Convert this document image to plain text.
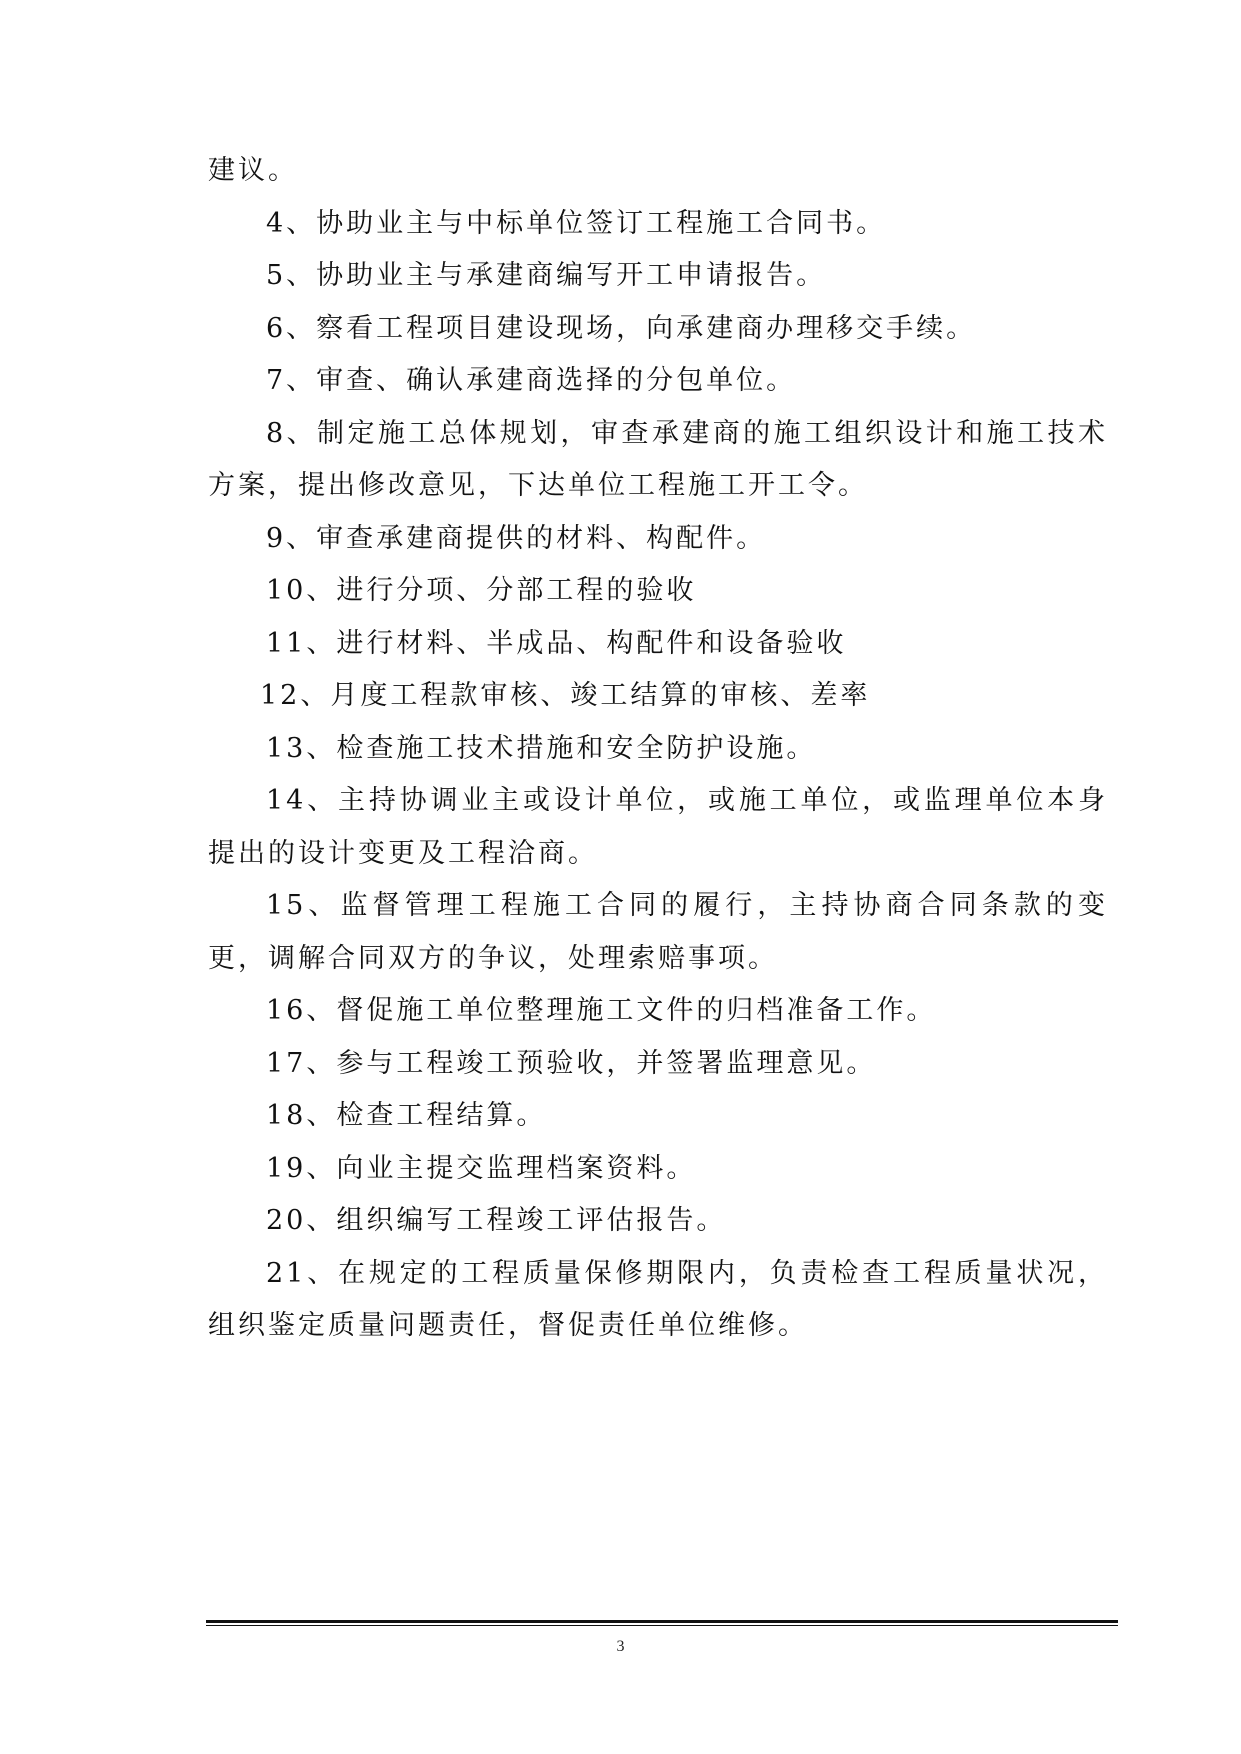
建议。

4、协助业主与中标单位签订工程施工合同书。

5、协助业主与承建商编写开工申请报告。

6、察看工程项目建设现场，向承建商办理移交手续。

7、审查、确认承建商选择的分包单位。

8、制定施工总体规划，审查承建商的施工组织设计和施工技术方案，提出修改意见，下达单位工程施工开工令。

9、审查承建商提供的材料、构配件。

10、进行分项、分部工程的验收

11、进行材料、半成品、构配件和设备验收

12、月度工程款审核、竣工结算的审核、差率

13、检查施工技术措施和安全防护设施。

14、主持协调业主或设计单位，或施工单位，或监理单位本身提出的设计变更及工程洽商。

15、监督管理工程施工合同的履行，主持协商合同条款的变更，调解合同双方的争议，处理索赔事项。

16、督促施工单位整理施工文件的归档准备工作。

17、参与工程竣工预验收，并签署监理意见。

18、检查工程结算。

19、向业主提交监理档案资料。

20、组织编写工程竣工评估报告。

21、在规定的工程质量保修期限内，负责检查工程质量状况，组织鉴定质量问题责任，督促责任单位维修。

3
